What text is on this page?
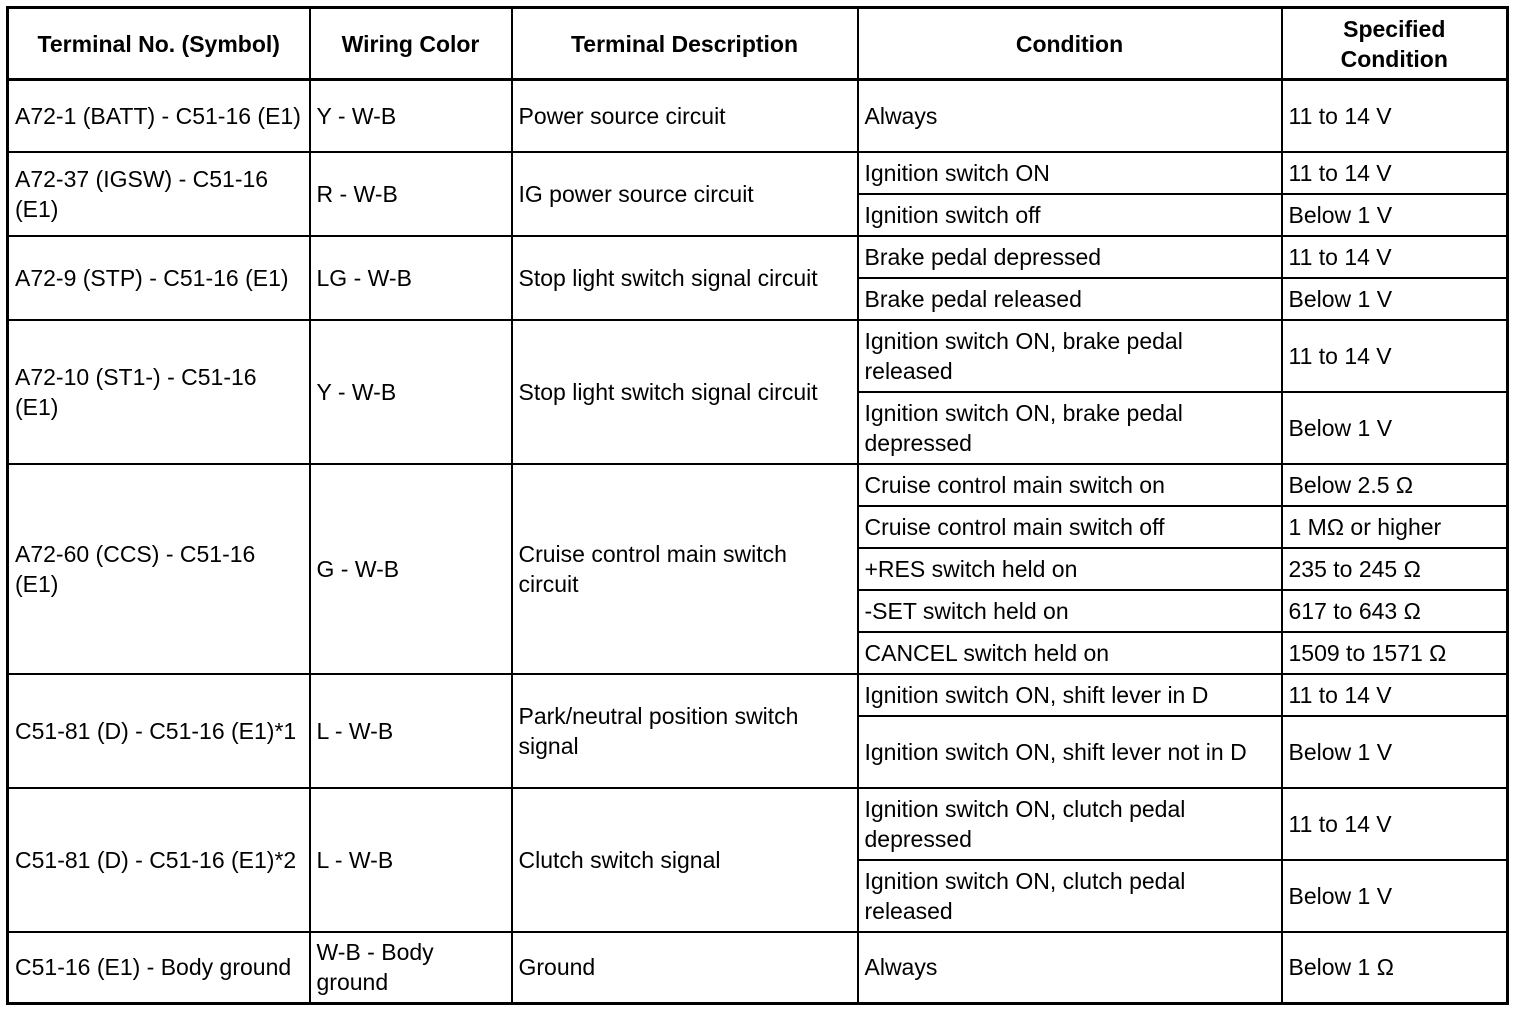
Terminal No. (Symbol)	Wiring Color	Terminal Description	Condition	Specified Condition
A72-1 (BATT) - C51-16 (E1)	Y - W-B	Power source circuit	Always	11 to 14 V
A72-37 (IGSW) - C51-16 (E1)	R - W-B	IG power source circuit	Ignition switch ON	11 to 14 V
			Ignition switch off	Below 1 V
A72-9 (STP) - C51-16 (E1)	LG - W-B	Stop light switch signal circuit	Brake pedal depressed	11 to 14 V
			Brake pedal released	Below 1 V
A72-10 (ST1-) - C51-16 (E1)	Y - W-B	Stop light switch signal circuit	Ignition switch ON, brake pedal released	11 to 14 V
			Ignition switch ON, brake pedal depressed	Below 1 V
A72-60 (CCS) - C51-16 (E1)	G - W-B	Cruise control main switch circuit	Cruise control main switch on	Below 2.5 Ω
			Cruise control main switch off	1 MΩ or higher
			+RES switch held on	235 to 245 Ω
			-SET switch held on	617 to 643 Ω
			CANCEL switch held on	1509 to 1571 Ω
C51-81 (D) - C51-16 (E1)*1	L - W-B	Park/neutral position switch signal	Ignition switch ON, shift lever in D	11 to 14 V
			Ignition switch ON, shift lever not in D	Below 1 V
C51-81 (D) - C51-16 (E1)*2	L - W-B	Clutch switch signal	Ignition switch ON, clutch pedal depressed	11 to 14 V
			Ignition switch ON, clutch pedal released	Below 1 V
C51-16 (E1) - Body ground	W-B - Body ground	Ground	Always	Below 1 Ω
